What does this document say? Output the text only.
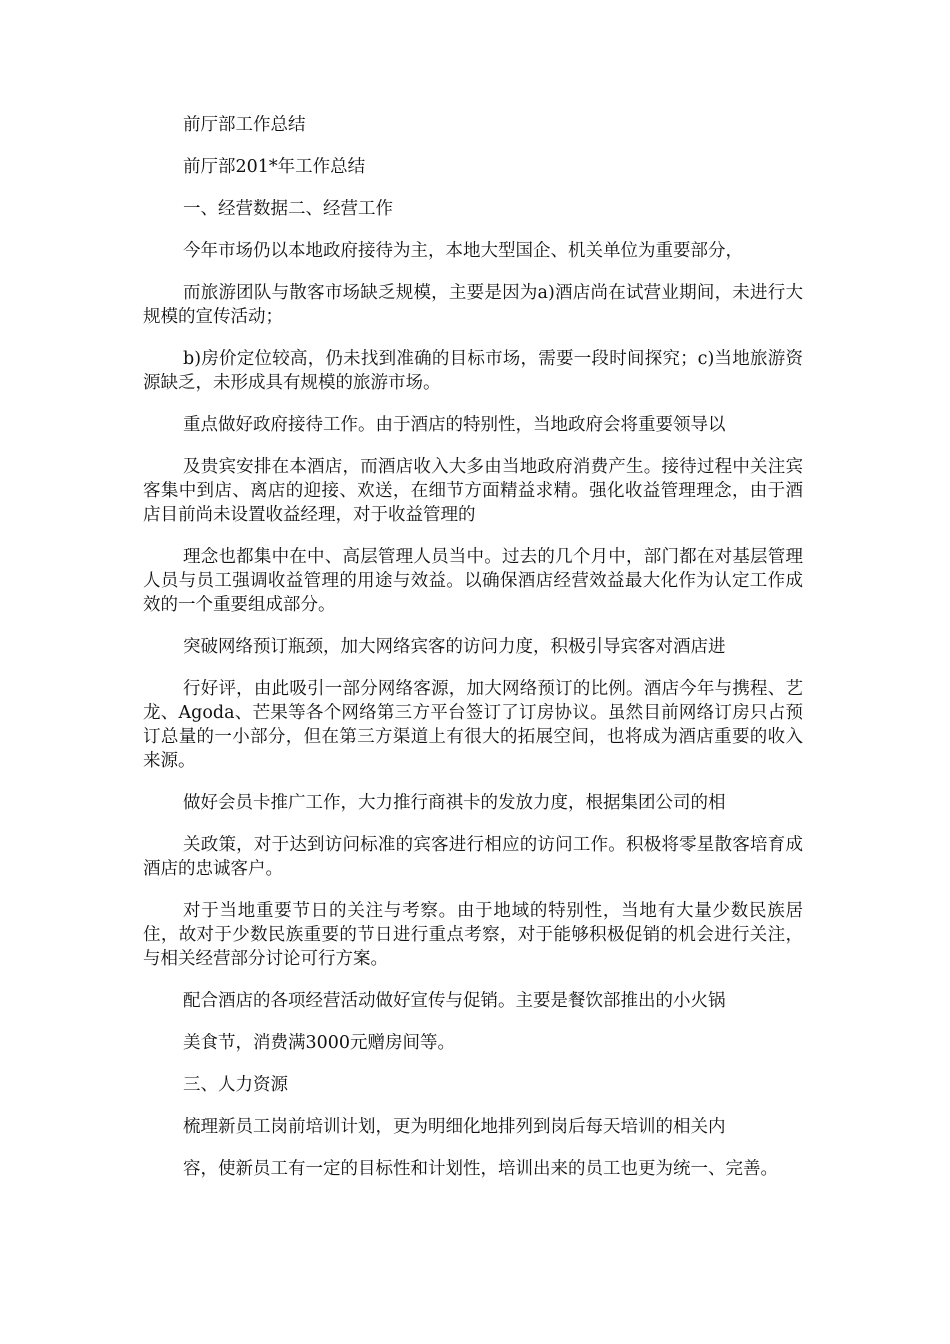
前厅部工作总结

前厅部201*年工作总结

一、经营数据二、经营工作

今年市场仍以本地政府接待为主，本地大型国企、机关单位为重要部分，

而旅游团队与散客市场缺乏规模，主要是因为a)酒店尚在试营业期间，未进行大规模的宣传活动；

b)房价定位较高，仍未找到准确的目标市场，需要一段时间探究；c)当地旅游资源缺乏，未形成具有规模的旅游市场。

重点做好政府接待工作。由于酒店的特别性，当地政府会将重要领导以

及贵宾安排在本酒店，而酒店收入大多由当地政府消费产生。接待过程中关注宾客集中到店、离店的迎接、欢送，在细节方面精益求精。强化收益管理理念，由于酒店目前尚未设置收益经理，对于收益管理的

理念也都集中在中、高层管理人员当中。过去的几个月中，部门都在对基层管理人员与员工强调收益管理的用途与效益。以确保酒店经营效益最大化作为认定工作成效的一个重要组成部分。

突破网络预订瓶颈，加大网络宾客的访问力度，积极引导宾客对酒店进

行好评，由此吸引一部分网络客源，加大网络预订的比例。酒店今年与携程、艺龙、Agoda、芒果等各个网络第三方平台签订了订房协议。虽然目前网络订房只占预订总量的一小部分，但在第三方渠道上有很大的拓展空间，也将成为酒店重要的收入来源。

做好会员卡推广工作，大力推行商祺卡的发放力度，根据集团公司的相

关政策，对于达到访问标准的宾客进行相应的访问工作。积极将零星散客培育成酒店的忠诚客户。

对于当地重要节日的关注与考察。由于地域的特别性，当地有大量少数民族居住，故对于少数民族重要的节日进行重点考察，对于能够积极促销的机会进行关注，与相关经营部分讨论可行方案。

配合酒店的各项经营活动做好宣传与促销。主要是餐饮部推出的小火锅

美食节，消费满3000元赠房间等。

三、人力资源

梳理新员工岗前培训计划，更为明细化地排列到岗后每天培训的相关内

容，使新员工有一定的目标性和计划性，培训出来的员工也更为统一、完善。
